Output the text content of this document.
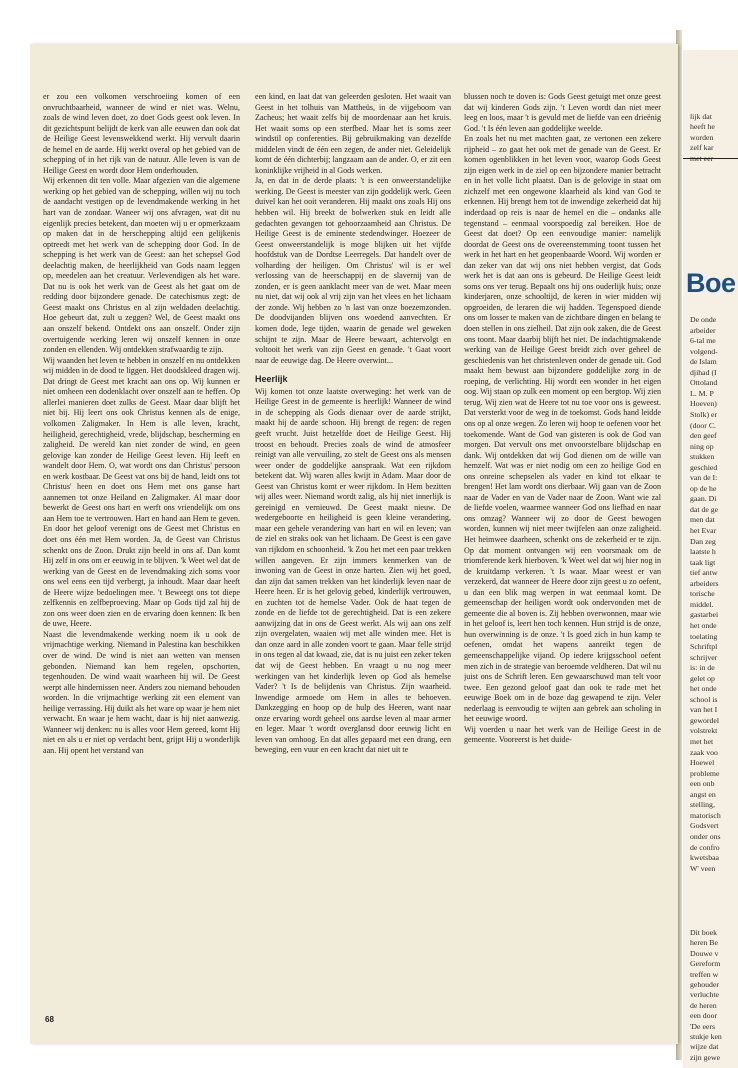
er zou een volkomen verschroeiing komen of een onvruchtbaarheid, wanneer de wind er niet was. Welnu, zoals de wind leven doet, zo doet Gods geest ook leven. In dit gezichtspunt belijdt de kerk van alle eeuwen dan ook dat de Heilige Geest levenswekkend werkt. Hij vervult daarin de hemel en de aarde. Hij werkt overal op het gebied van de schepping of in het rijk van de natuur. Alle leven is van de Heilige Geest en wordt door Hem onderhouden.

Wij erkennen dit ten volle. Maar afgezien van die algemene werking op het gebied van de schepping, willen wij nu toch de aandacht vestigen op de levendmakende werking in het hart van de zondaar. Waneer wij ons afvragen, wat dit nu eigenlijk precies betekent, dan moeten wij u er opmerkzaam op maken dat in de herschepping altijd een gelijkenis optreedt met het werk van de schepping door God. In de schepping is het werk van de Geest: aan het schepsel God deelachtig maken, de heerlijkheid van Gods naam leggen op, meedelen aan het creatuur. Verlevendigen als het ware. Dat nu is ook het werk van de Geest als het gaat om de redding door bijzondere genade. De catechismus zegt: de Geest maakt ons Christus en al zijn weldaden deelachtig. Hoe gebeurt dat, zult u zeggen? Wel, de Geest maakt ons aan onszelf bekend. Ontdekt ons aan onszelf. Onder zijn overtuigende werking leren wij onszelf kennen in onze zonden en ellenden. Wij ontdekken strafwaardig te zijn.

Wij waanden het leven te hebben in onszelf en nu ontdekken wij midden in de dood te liggen. Het doodskleed dragen wij. Dat dringt de Geest met kracht aan ons op. Wij kunnen er niet omheen een dodenklacht over onszelf aan te heffen. Op allerlei manieren doet zulks de Geest. Maar daar blijft het niet bij. Hij leert ons ook Christus kennen als de enige, volkomen Zaligmaker. In Hem is alle leven, kracht, heiligheid, gerechtigheid, vrede, blijdschap, bescherming en zaligheid. De wereld kan niet zonder de wind, en geen gelovige kan zonder de Heilige Geest leven. Hij leeft en wandelt door Hem. O, wat wordt ons dan Christus' persoon en werk kostbaar. De Geest vat ons bij de hand, leidt ons tot Christus' heen en doet ons Hem met ons ganse hart aannemen tot onze Heiland en Zaligmaker. Al maar door bewerkt de Geest ons hart en werft ons vriendelijk om ons aan Hem toe te vertrouwen. Hart en hand aan Hem te geven. En door het geloof verenigt ons de Geest met Christus en doet ons één met Hem worden. Ja, de Geest van Christus schenkt ons de Zoon. Drukt zijn beeld in ons af. Dan komt Hij zelf in ons om er eeuwig in te blijven. 'k Weet wel dat de werking van de Geest en de levendmaking zich soms voor ons wel eens een tijd verbergt, ja inhoudt. Maar daar heeft de Heere wijze bedoelingen mee. 't Beweegt ons tot diepe zelfkennis en zelfbeproeving. Maar op Gods tijd zal hij de zon ons weer doen zien en de ervaring doen kennen: Ik ben de uwe, Heere.

Naast die levendmakende werking noem ik u ook de vrijmachtige werking. Niemand in Palestina kan beschikken over de wind. De wind is niet aan wetten van mensen gebonden. Niemand kan hem regelen, opschorten, tegenhouden. De wind waait waarheen hij wil. De Geest werpt alle hindernissen neer. Anders zou niemand behouden worden. In die vrijmachtige werking zit een element van heilige verrassing. Hij duikt als het ware op waar je hem niet verwacht. En waar je hem wacht, daar is hij niet aanwezig. Wanneer wij denken: nu is alles voor Hem gereed, komt Hij niet en als u er niet op verdacht bent, grijpt Hij u wonderlijk aan. Hij opent het verstand van

een kind, en laat dat van geleerden gesloten. Het waait van Geest in het tolhuis van Mattheüs, in de vijgeboom van Zacheus; het waait zelfs bij de moordenaar aan het kruis. Het waait soms op een sterfbed. Maar het is soms zeer windstil op conferenties. Bij gebruikmaking van dezelfde middelen vindt de één een zegen, de ander niet. Geleidelijk komt de één dichterbij; langzaam aan de ander. O, er zit een koninklijke vrijheid in al Gods werken.

Ja, en dat in de derde plaats: 't is een onweerstandelijke werking. De Geest is meester van zijn goddelijk werk. Geen duivel kan het ooit veranderen. Hij maakt ons zoals Hij ons hebben wil. Hij breekt de bolwerken stuk en leidt alle gedachten gevangen tot gehoorzaamheid aan Christus. De Heilige Geest is de eminente stedendwinger. Hoezeer de Geest onweerstandelijk is moge blijken uit het vijfde hoofdstuk van de Dordtse Leerregels. Dat handelt over de volharding der heiligen. Om Christus' wil is er wel verlossing van de heerschappij en de slavernij van de zonden, er is geen aanklacht meer van de wet. Maar meen nu niet, dat wij ook al vrij zijn van het vlees en het lichaam der zonde. Wij hebben zo 'n last van onze boezemzonden. De doodvijanden blijven ons woedend aanvechten. Er komen dode, lege tijden, waarin de genade wel geweken schijnt te zijn. Maar de Heere bewaart, achtervolgt en voltooit het werk van zijn Geest en genade. 't Gaat voort naar de eeuwige dag. De Heere overwint...

Heerlijk

Wij komen tot onze laatste overweging: het werk van de Heilige Geest in de gemeente is heerlijk! Wanneer de wind in de schepping als Gods dienaar over de aarde strijkt, maakt hij de aarde schoon. Hij brengt de regen: de regen geeft vrucht. Juist hetzelfde doet de Heilige Geest. Hij troost en behoudt. Precies zoals de wind de atmosfeer reinigt van alle vervuiling, zo stelt de Geest ons als mensen weer onder de goddelijke aanspraak. Wat een rijkdom betekent dat. Wij waren alles kwijt in Adam. Maar door de Geest van Christus komt er weer rijkdom. In Hem bezitten wij alles weer. Niemand wordt zalig, als hij niet innerlijk is gereinigd en vernieuwd. De Geest maakt nieuw. De wedergeboorte en heiligheid is geen kleine verandering, maar een gehele verandering van hart en wil en leven; van de ziel en straks ook van het lichaam. De Geest is een gave van rijkdom en schoonheid. 'k Zou het met een paar trekken willen aangeven. Er zijn immers kenmerken van de inwoning van de Geest in onze harten. Zien wij het goed, dan zijn dat samen trekken van het kinderlijk leven naar de Heere heen. Er is het gelovig gebed, kinderlijk vertrouwen, en zuchten tot de hemelse Vader. Ook de haat tegen de zonde en de liefde tot de gerechtigheid. Dat is een zekere aanwijzing dat in ons de Geest werkt. Als wij aan ons zelf zijn overgelaten, waaien wij met alle winden mee. Het is dan onze aard in alle zonden voort te gaan. Maar felle strijd in ons tegen al dat kwaad, zie, dat is nu juist een zeker teken dat wij de Geest hebben. En vraagt u nu nog meer werkingen van het kinderlijk leven op God als hemelse Vader? 't Is de belijdenis van Christus. Zijn waarheid. Inwendige armoede om Hem in alles te behoeven. Dankzegging en hoop op de hulp des Heeren, want naar onze ervaring wordt geheel ons aardse leven al maar armer en leger. Maar 't wordt overglansd door eeuwig licht en leven van omhoog. En dat alles gepaard met een drang, een beweging, een vuur en een kracht dat niet uit te

blussen noch te doven is: Gods Geest getuigt met onze geest dat wij kinderen Gods zijn. 't Leven wordt dan niet meer leeg en loos, maar 't is gevuld met de liefde van een drieënig God. 't Is één leven aan goddelijke weelde.

En zoals het nu met machten gaat, ze vertonen een zekere rijpheid – zo gaat het ook met de genade van de Geest. Er komen ogenblikken in het leven voor, waarop Gods Geest zijn eigen werk in de ziel op een bijzondere manier betracht en in het volle licht plaatst. Dan is de gelovige in staat om zichzelf met een ongewone klaarheid als kind van God te erkennen. Hij brengt hem tot de inwendige zekerheid dat hij inderdaad op reis is naar de hemel en die – ondanks alle tegenstand – eenmaal voorspoedig zal bereiken. Hoe de Geest dat doet? Op een eenvoudige manier: namelijk doordat de Geest ons de overeenstemming toont tussen het werk in het hart en het geopenbaarde Woord. Wij worden er dan zeker van dat wij ons niet hebben vergist, dat Gods werk het is dat aan ons is gebeurd. De Heilige Geest leidt soms ons ver terug. Bepaalt ons hij ons ouderlijk huis; onze kinderjaren, onze schooltijd, de keren in wier midden wij opgroeiden, de leraren die wij hadden. Tegenspoed diende ons om losser te maken van de zichtbare dingen en belang te doen stellen in ons zielheil. Dat zijn ook zaken, die de Geest ons toont. Maar daarbij blijft het niet. De indachtigmakende werking van de Heilige Geest breidt zich over geheel de geschiedenis van het christenleven onder de genade uit. God maakt hem bewust aan bijzondere goddelijke zorg in de roeping, de verlichting. Hij wordt een wonder in het eigen oog. Wij staan op zulk een moment op een bergtop. Wij zien terug. Wij zien wat de Heere tot nu toe voor ons is geweest. Dat versterkt voor de weg in de toekomst. Gods hand leidde ons op al onze wegen. Zo leren wij hoop te oefenen voor het toekomende. Want de God van gisteren is ook de God van morgen. Dat vervult ons met onvoorstelbare blijdschap en dank. Wij ontdekken dat wij God dienen om de wille van hemzelf. Wat was er niet nodig om een zo heilige God en ons onreine schepselen als vader en kind tot elkaar te brengen! Het lam wordt ons dierbaar. Wij gaan van de Zoon naar de Vader en van de Vader naar de Zoon. Want wie zal de liefde voelen, waarmee wanneer God ons liefhad en naar ons omzag? Wanneer wij zo door de Geest bewogen worden, kunnen wij niet meer twijfelen aan onze zaligheid. Het heimwee daarheen, schenkt ons de zekerheid er te zijn. Op dat moment ontvangen wij een voorsmaak om de triomferende kerk hierboven. 'k Weet wel dat wij hier nog in de kruitdamp verkeren. 't Is waar. Maar weest er van verzekerd, dat wanneer de Heere door zijn geest u zo oefent, u dan een blik mag werpen in wat eenmaal komt. De gemeenschap der heiligen wordt ook ondervonden met de gemeente die al boven is. Zij hebben overwonnen, maar wie in het geloof is, leert hen toch kennen. Hun strijd is de onze, hun overwinning is de onze. 't Is goed zich in hun kamp te oefenen, omdat het wapens aanreikt tegen de gemeenschappelijke vijand. Op iedere krijgsschool oefent men zich in de strategie van beroemde veldheren. Dat wil nu juist ons de Schrift leren. Een gewaarschuwd man telt voor twee. Een gezond geloof gaat dan ook te rade met het eeuwige Boek om in de boze dag gewapend te zijn. Veler nederlaag is eenvoudig te wijten aan gebrek aan scholing in het eeuwige woord.

Wij voerden u naar het werk van de Heilige Geest in de gemeente. Vooreerst is het duide-

68
Boe
lijk dat
heeft he
worden
zelf kar
met eer
De onde
arbeider
6-tal me
volgend-
de Islam
djihad (I
Ottoland
L. M. P
Hoeven)
Stolk) er
(door C.
den geef
ning op
stukken
geschied
van de I:
op de he
gaan. Di
dat de ge
men dat
het Evar
Dan zeg
laatste h
taak ligt
tief antw
arbeiders
torische
middel.
gastarbei
het onde
toelating
Schriftpl
schrijver
is: in de
gelet op
het onde
school is
van het I
gewordel
volstrekt
met het
zaak voo
Hoewel
probleme
een onb
angst en
stelling,
matorisch
Godsvert
onder ons
de confro
kwetsbaa
W' veen
Dit boek
heren Be
Douwe v
Gereform
treffen w
gehouder
verluchte
de heren
een door
'De eers
stukje ken
wijze dat
zijn gewe
